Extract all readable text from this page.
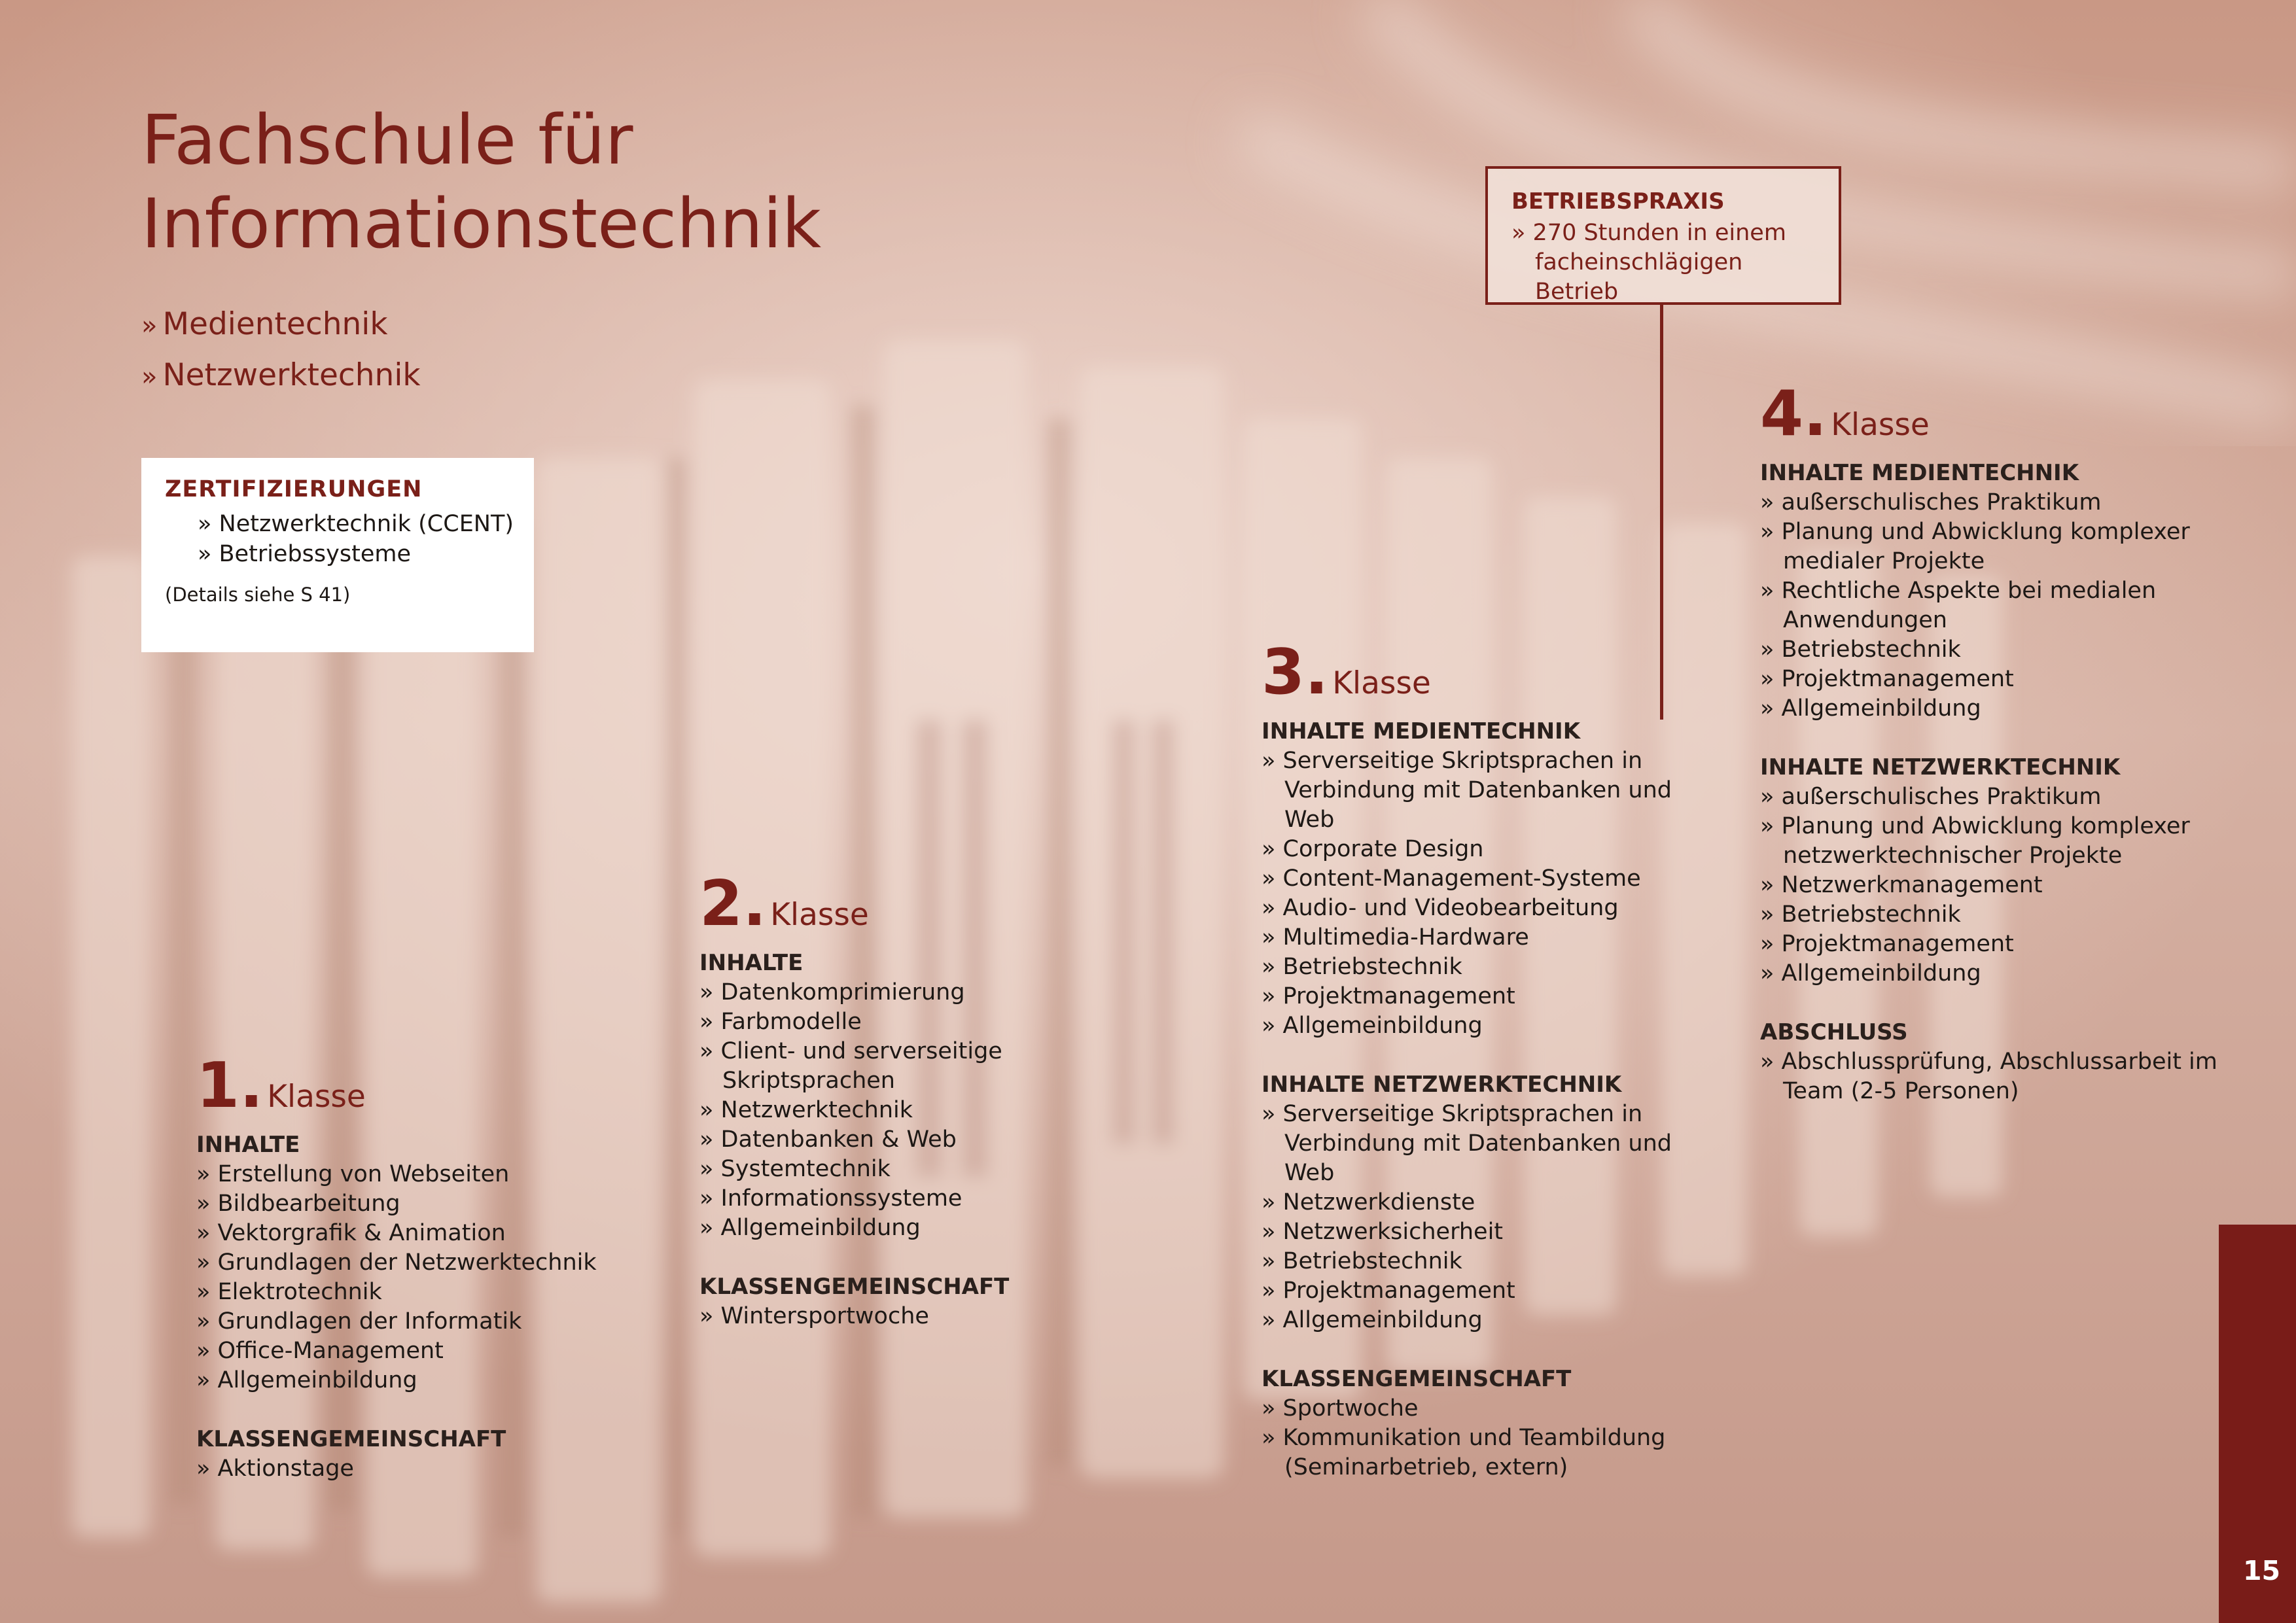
Fachschule für
Informationstechnik
» Medientechnik
» Netzwerktechnik
ZERTIFIZIERUNGEN
» Netzwerktechnik (CCENT)
» Betriebssysteme
(Details siehe S 41)
BETRIEBSPRAXIS
» 270 Stunden in einem facheinschlägigen Betrieb
1. Klasse
INHALTE
» Erstellung von Webseiten
» Bildbearbeitung
» Vektorgrafik & Animation
» Grundlagen der Netzwerktechnik
» Elektrotechnik
» Grundlagen der Informatik
» Office-Management
» Allgemeinbildung
KLASSENGEMEINSCHAFT
» Aktionstage
2. Klasse
INHALTE
» Datenkomprimierung
» Farbmodelle
» Client- und serverseitige Skriptsprachen
» Netzwerktechnik
» Datenbanken & Web
» Systemtechnik
» Informationssysteme
» Allgemeinbildung
KLASSENGEMEINSCHAFT
» Wintersportwoche
3. Klasse
INHALTE MEDIENTECHNIK
» Serverseitige Skriptsprachen in Verbindung mit Datenbanken und Web
» Corporate Design
» Content-Management-Systeme
» Audio- und Videobearbeitung
» Multimedia-Hardware
» Betriebstechnik
» Projektmanagement
» Allgemeinbildung
INHALTE NETZWERKTECHNIK
» Serverseitige Skriptsprachen in Verbindung mit Datenbanken und Web
» Netzwerkdienste
» Netzwerksicherheit
» Betriebstechnik
» Projektmanagement
» Allgemeinbildung
KLASSENGEMEINSCHAFT
» Sportwoche
» Kommunikation und Teambildung (Seminarbetrieb, extern)
4. Klasse
INHALTE MEDIENTECHNIK
» außerschulisches Praktikum
» Planung und Abwicklung komplexer medialer Projekte
» Rechtliche Aspekte bei medialen Anwendungen
» Betriebstechnik
» Projektmanagement
» Allgemeinbildung
INHALTE NETZWERKTECHNIK
» außerschulisches Praktikum
» Planung und Abwicklung komplexer netzwerktechnischer Projekte
» Netzwerkmanagement
» Betriebstechnik
» Projektmanagement
» Allgemeinbildung
ABSCHLUSS
» Abschlussprüfung, Abschlussarbeit im Team (2-5 Personen)
15
